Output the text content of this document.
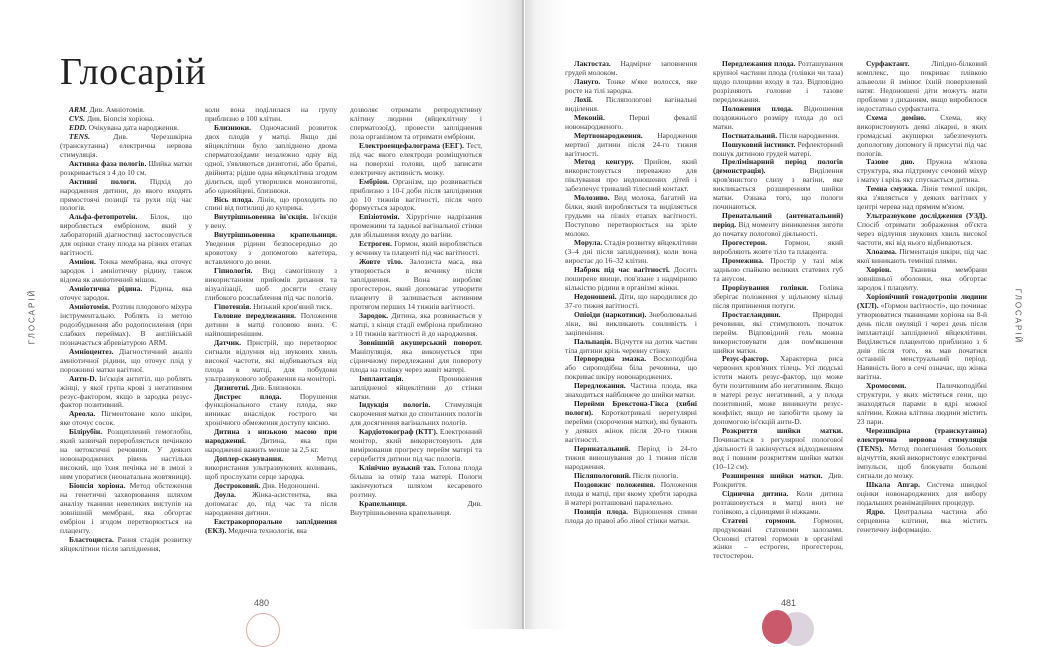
Глосарій
ГЛОСАРІЙ

ARM. Див. Амніотомія.

CVS. Див. Біопсія хоріона.

EDD. Очікувана дата народження.

TENS. Див. Черезшкірна (транскутанна) електрична нервова стимуляція.

Активна фаза пологів. Шийка матки розкривається з 4 до 10 см.

Активні пологи. Підхід до народження дитини, до якого входять прямостоячі позиції та рухи під час пологів.

Альфа-фетопротеїн. Білок, що виробляється ембріоном, який у лабораторній діагностиці застосовується для оцінки стану плода на різних етапах вагітності.

Амніон. Тонка мембрана, яка оточує зародок і амніотичну рідину, також відома як амніотичний мішок.

Амніотична рідина. Рідина, яка оточує зародок.

Амніотомія. Розтин плодового міхура інструментально. Роблять із метою родозбудження або родопосилення (при слабких переймах). В англійській позначається абревіатурою ARM.

Амніоцентез. Діагностичний аналіз амніотичної рідини, що оточує плід у порожнині матки вагітної.

Анти-D. Ін'єкція антитіл, що роблять жінці, у якої група крові з негативним резус-фактором, якщо в зародка резус-фактор позитивний.

Ареола. Пігментоване коло шкіри, яке оточує сосок.

Білірубін. Розщеплений гемоглобін, який зазвичай переробляється печінкою на нетоксичні речовини. У деяких новонароджених рівень настільки високий, що їхня печінка не в змозі з ним упоратися (неонатальна жовтяниця).

Біопсія хоріона. Метод обстеження на генетичні захворювання шляхом аналізу тканини невеликих виступів на зовнішній мембрані, яка обгортає ембріон і згодом перетворюється на плаценту.

Бластоциста. Рання стадія розвитку яйцеклітини після запліднення,

коли вона поділилася на групу приблизно в 100 клітин.

Близнюки. Одночасний розвиток двох плодів у матці. Якщо дві яйцеклітини було запліднено двома сперматозоїдами незалежно одну від одної, з'являються дизиготні, або братні, двійнята; рідше одна яйцеклітина згодом ділиться, щоб утворилися монозиготні, або однояйцеві, близнюки.

Вісь плода. Лінія, що проходить по спині від потилиці до куприка.

Внутрішньовенна ін'єкція. Ін'єкція у вену.

Внутрішньовенна крапельниця. Уведення рідини безпосередньо до кровотоку з допомогою катетера, вставленого до вени.

Гіпнологія. Вид самогіпнозу з використанням прийомів дихання та візуалізації, щоб досягти стану глибокого розслаблення під час пологів.

Гіпотензія. Низький кров'яний тиск.

Головне передлежання. Положення дитини в матці головою вниз. Є найпоширенішим.

Датчик. Пристрій, що перетворює сигнали відлуння від звукових хвиль високої частоти, які відбиваються від плода в матці, для побудови ультразвукового зображення на моніторі.

Дизиготні. Див. Близнюки.

Дистрес плода. Порушення функціонального стану плода, яке виникає внаслідок гострого чи хронічного обмеження доступу кисню.

Дитина з низькою масою при народженні. Дитина, яка при народженні важить менше за 2,5 кг.

Доплер-сканування. Метод використання ультразвукових коливань, щоб прослухати серце зародка.

Достроковий. Див. Недоношені.

Доула. Жінка-асистентка, яка допомагає до, під час та після народження дитини.

Екстракорпоральне запліднення (ЕКЗ). Медична технологія, яка

дозволяє отримати репродуктивну клітину людини (яйцеклітину і сперматозоїд), провести запліднення поза організмом та отримати ембріони.

Електроенцефалограма (ЕЕГ). Тест, під час якого електроди розміщуються на поверхні голови, щоб записати електричну активність мозку.

Ембріон. Організм, що розвивається приблизно з 10-ї доби після запліднення до 10 тижнів вагітності, після чого формується зародок.

Епізіотомія. Хірургічне надрізання промежини та задньої вагінальної стінки для збільшення входу до вагіни.

Естроген. Гормон, який виробляється у яєчнику та плаценті під час вагітності.

Жовте тіло. Залозиста маса, яка утворюється в яєчнику після запліднення. Вона виробляє прогестерон, який допомагає утворити плаценту й залишається активним протягом перших 14 тижнів вагітності.

Зародок. Дитина, яка розвивається у матці, з кінця стадії ембріона приблизно з 10 тижнів вагітності й до народження.

Зовнішній акушерський поворот. Маніпуляція, яка виконується при сідничному передлежанні для повороту плода на голівку через живіт матері.

Імплантація. Проникнення заплідненої яйцеклітини до стінки матки.

Індукція пологів. Стимуляція скорочення матки до спонтанних пологів для досягнення вагінальних пологів.

Кардіотокограф (КТГ). Електронний монітор, який використовують для вимірювання прогресу перейм матері та серцебиття дитини під час пологів.

Клінічно вузький таз. Голова плода більша за отвір таза матері. Пологи закінчуються шляхом кесаревого розтину.

Крапельниця. Див. Внутрішньовенна крапельниця.

480

Лактостаз. Надмірне заповнення грудей молоком.

Лануго. Тонке м'яке волосся, яке росте на тілі зародка.

Лохії. Післяпологові вагінальні виділення.

Меконій. Перші фекалії новонародженого.

Мертвонародження. Народження мертвої дитини після 24-го тижня вагітності.

Метод кенгуру. Прийом, який використовується переважно для піклування про недоношених дітей і забезпечує тривалий тілесний контакт.

Молозиво. Вид молока, багатий на білки, який виробляється та виділяється грудьми на пізніх етапах вагітності. Поступово перетворюється на зріле молоко.

Морула. Стадія розвитку яйцеклітини (3–4 дні після запліднення), коли вона виростає до 16–32 клітин.

Набряк під час вагітності. Досить поширене явище, пов'язане з надмірною кількістю рідини в організмі жінки.

Недоношені. Діти, що народилися до 37-го тижня вагітності.

Опіоїди (наркотики). Знеболювальні ліки, які викликають сонливість і заціпеніння.

Пальпація. Відчуття на дотик частин тіла дитини крізь черевну стінку.

Первородна змазка. Воскоподібна або сироподібна біла речовина, що покриває шкіру новонароджених.

Передлежання. Частина плода, яка знаходиться найближче до шийки матки.

Перейми Брекстона-Гікса (хибні пологи). Короткотривалі нерегулярні перейми (скорочення матки), які бувають у деяких жінок після 20-го тижня вагітності.

Перинатальний. Період із 24-го тижня виношування до 1 тижня після народження.

Післяпологовий. Після пологів.

Поздовжнє положення. Положення плода в матці, при якому хребти зародка й матері розташовані паралельно.

Позиція плода. Відношення спини плода до правої або лівої стінки матки.

Передлежання плода. Розташування крупної частини плода (голівки чи таза) щодо площини входу в таз. Відповідно розрізняють головне і тазове передлежання.

Положення плода. Відношення поздовжнього розміру плода до осі матки.

Постнатальний. Після народження.

Пошуковий інстинкт. Рефлекторний пошук дитиною грудей матері.

Прелімінарний період пологів (демонстрація). Виділення кров'янистого слизу з вагіни, яке викликається розширенням шийки матки. Ознака того, що пологи починаються.

Пренатальний (антенатальний) період. Від моменту виникнення зиготи до початку пологової діяльності.

Прогестерон. Гормон, який виробляють жовте тіло та плацента.

Промежина. Простір у тазі між задньою спайкою великих статевих губ та анусом.

Прорізування голівки. Голівка зберігає положення у щільному кільці після припинення потуги.

Простагландини. Природні речовини, які стимулюють початок перейм. Відповідний гель можна використовувати для пом'якшення шийки матки.

Резус-фактор. Характерна риса червоних кров'яних тілець. Усі людські істоти мають резус-фактор, що може бути позитивним або негативним. Якщо в матері резус негативний, а у плода позитивний, може виникнути резус-конфлікт, якщо не запобігти цьому за допомогою ін'єкцій анти-D.

Розкриття шийки матки. Починається з регулярної пологової діяльності й закінчується відходженням вод і повним розкриттям шийки матки (10–12 см).

Розширення шийки матки. Див. Розкриття.

Сіднична дитина. Коли дитина розташовується в матці вниз не голівкою, а сідницями й ніжками.

Статеві гормони. Гормони, продуковані статевими залозами. Основні статеві гормони в організмі жінки – естроген, прогестерон, тестостерон.

Сурфактант. Ліпідно-білковий комплекс, що покриває плівкою альвеоли й змінює їхній поверхневий натяг. Недоношені діти можуть мати проблеми з диханням, якщо виробилося недостатньо сурфактанта.

Схема доміно. Схема, яку використовують деякі лікарні, в яких громадські акушерки забезпечують допологову допомогу й присутні під час пологів.

Тазове дно. Пружна м'язова структура, яка підтримує сечовий міхур і матку і крізь яку спускається дитина.

Темна смужка. Лінія темної шкіри, яка з'являється у деяких вагітних у центрі черева над прямим м'язом.

Ультразвукове дослідження (УЗД). Спосіб отримати зображення об'єкта через відлуння звукових хвиль високої частоти, які від нього відбиваються.

Хлоазма. Пігментація шкіри, під час якої виникають темніші плями.

Хоріон. Тканина мембрани зовнішньої оболонки, яка обгортає зародок і плаценту.

Хоріонічний гонадотропін людини (ХГЛ). «Гормон вагітності», що починає утворюватися тканинами хоріона на 8-й день після овуляції і через день після імплантації заплідненої яйцеклітини. Виділяється плацентою приблизно з 6 днів після того, як мав початися останній менструальний період. Наявність його в сечі означає, що жінка вагітна.

Хромосоми. Паличкоподібні структури, у яких містяться гени, що знаходяться парами в ядрі кожної клітини. Кожна клітина людини містить 23 пари.

Черезшкірна (транскутанна) електрична нервова стимуляція (TENS). Метод полегшення больових відчуттів, який використовує електричні імпульси, щоб блокувати больові сигнали до мозку.

Шкала Апгар. Система швидкої оцінки новонароджених для вибору подальших реанімаційних процедур.

Ядро. Центральна частина або серцевина клітини, яка містить генетичну інформацію.

481
ГЛОСАРІЙ
